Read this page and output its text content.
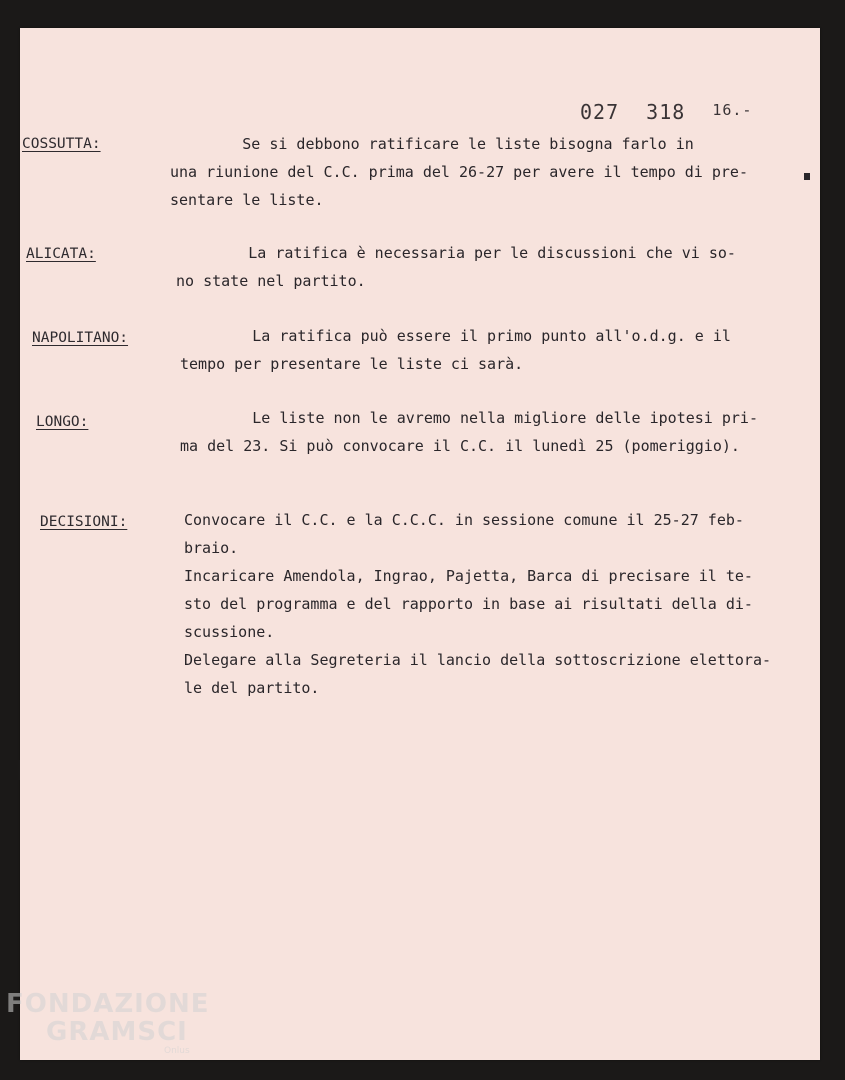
027 318 $^{16.-}$
COSSUTTA:	Se si debbono ratificare le liste bisogna farlo in
una riunione del C.C. prima del 26-27 per avere il tempo di pre-
sentare le liste.
ALICATA:	La ratifica è necessaria per le discussioni che vi so-
no state nel partito.
NAPOLITANO:	La ratifica può essere il primo punto all'o.d.g. e il
tempo per presentare le liste ci sarà.
LONGO:	Le liste non le avremo nella migliore delle ipotesi pri-
ma del 23. Si può convocare il C.C. il lunedì 25 (pomeriggio).
DECISIONI:	Convocare il C.C. e la C.C.C. in sessione comune il 25-27 feb-
braio.
Incaricare Amendola, Ingrao, Pajetta, Barca di precisare il te-
sto del programma e del rapporto in base ai risultati della di-
scussione.
Delegare alla Segreteria il lancio della sottoscrizione elettora-
le del partito.
FONDAZIONE
GRAMSCI
Onlus
